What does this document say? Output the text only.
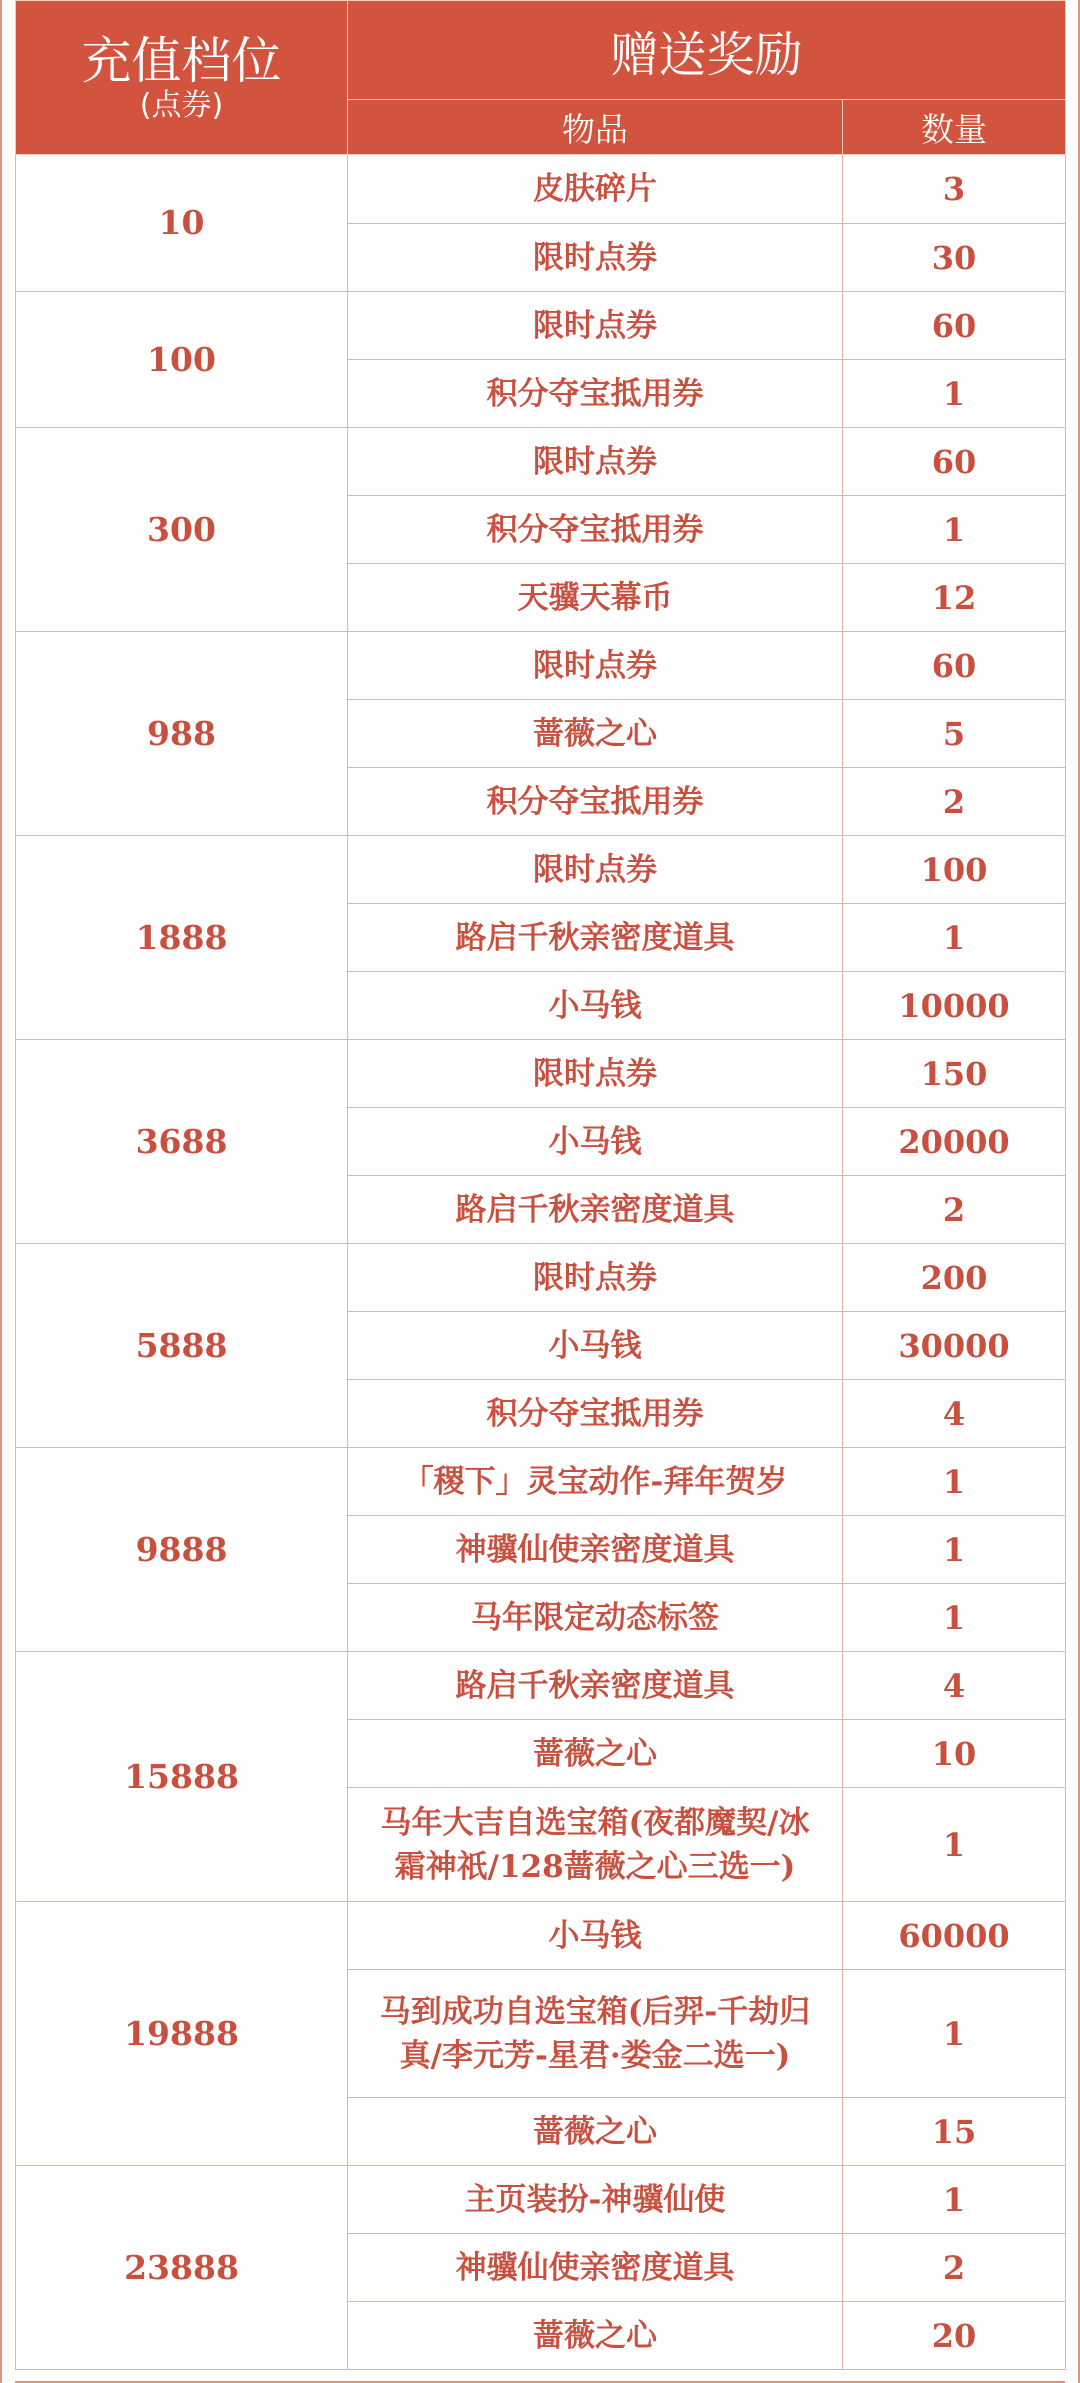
充值档位
(点券)	赠送奖励	
	物品	数量
10	皮肤碎片	3
	限时点券	30
100	限时点券	60
	积分夺宝抵用券	1
300	限时点券	60
	积分夺宝抵用券	1
	天骥天幕币	12
988	限时点券	60
	蔷薇之心	5
	积分夺宝抵用券	2
1888	限时点券	100
	路启千秋亲密度道具	1
	小马钱	10000
3688	限时点券	150
	小马钱	20000
	路启千秋亲密度道具	2
5888	限时点券	200
	小马钱	30000
	积分夺宝抵用券	4
9888	「稷下」灵宝动作-拜年贺岁	1
	神骥仙使亲密度道具	1
	马年限定动态标签	1
15888	路启千秋亲密度道具	4
	蔷薇之心	10
	马年大吉自选宝箱(夜都魔契/冰霜神祇/128蔷薇之心三选一)	1
19888	小马钱	60000
	马到成功自选宝箱(后羿-千劫归真/李元芳-星君·娄金二选一)	1
	蔷薇之心	15
23888	主页装扮-神骥仙使	1
	神骥仙使亲密度道具	2
	蔷薇之心	20
